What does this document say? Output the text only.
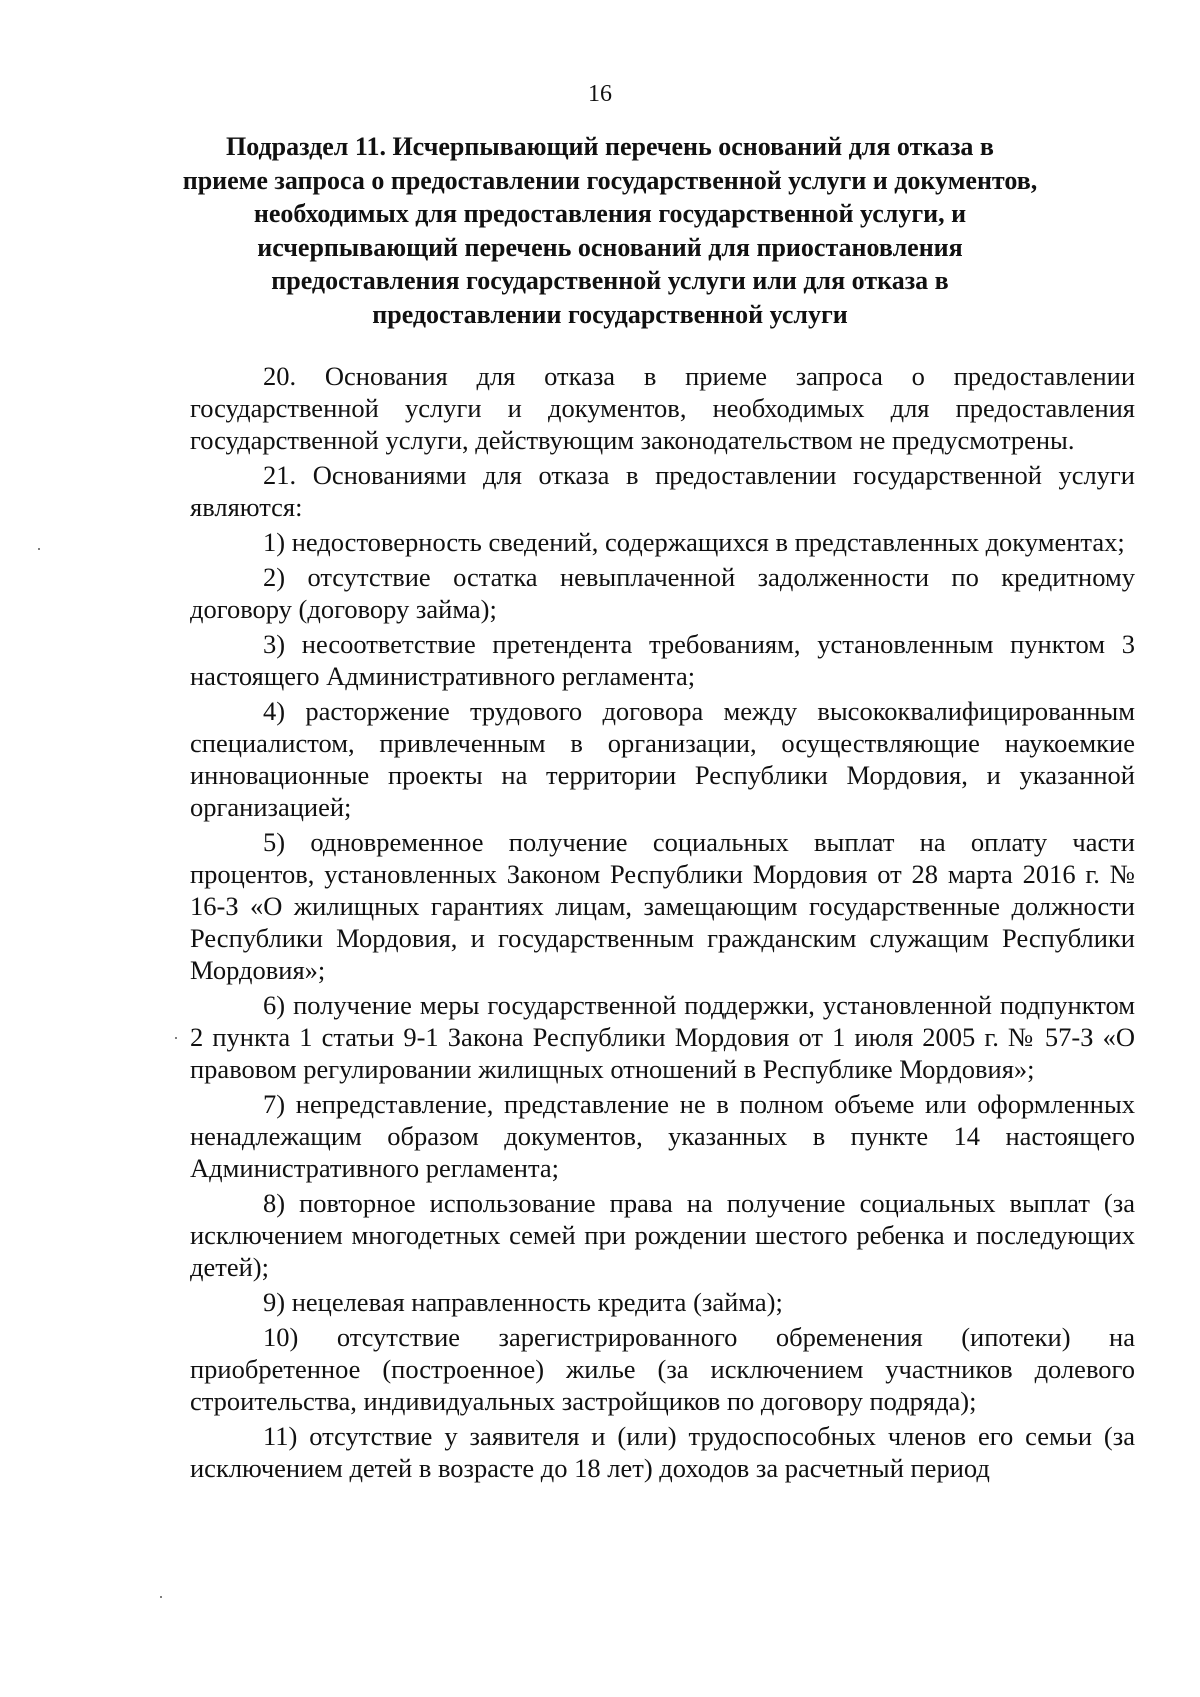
16
Подраздел 11. Исчерпывающий перечень оснований для отказа в
приеме запроса о предоставлении государственной услуги и документов,
необходимых для предоставления государственной услуги, и
исчерпывающий перечень оснований для приостановления
предоставления государственной услуги или для отказа в
предоставлении государственной услуги

20. Основания для отказа в приеме запроса о предоставлении государственной услуги и документов, необходимых для предоставления государственной услуги, действующим законодательством не предусмотрены.

21. Основаниями для отказа в предоставлении государственной услуги являются:

1) недостоверность сведений, содержащихся в представленных документах;

2) отсутствие остатка невыплаченной задолженности по кредитному договору (договору займа);

3) несоответствие претендента требованиям, установленным пунктом 3 настоящего Административного регламента;

4) расторжение трудового договора между высококвалифицированным специалистом, привлеченным в организации, осуществляющие наукоемкие инновационные проекты на территории Республики Мордовия, и указанной организацией;

5) одновременное получение социальных выплат на оплату части процентов, установленных Законом Республики Мордовия от 28 марта 2016 г. № 16-З «О жилищных гарантиях лицам, замещающим государственные должности Республики Мордовия, и государственным гражданским служащим Республики Мордовия»;

6) получение меры государственной поддержки, установленной подпунктом 2 пункта 1 статьи 9-1 Закона Республики Мордовия от 1 июля 2005 г. № 57-З «О правовом регулировании жилищных отношений в Республике Мордовия»;

7) непредставление, представление не в полном объеме или оформленных ненадлежащим образом документов, указанных в пункте 14 настоящего Административного регламента;

8) повторное использование права на получение социальных выплат (за исключением многодетных семей при рождении шестого ребенка и последующих детей);

9) нецелевая направленность кредита (займа);

10) отсутствие зарегистрированного обременения (ипотеки) на приобретенное (построенное) жилье (за исключением участников долевого строительства, индивидуальных застройщиков по договору подряда);

11) отсутствие у заявителя и (или) трудоспособных членов его семьи (за исключением детей в возрасте до 18 лет) доходов за расчетный период
